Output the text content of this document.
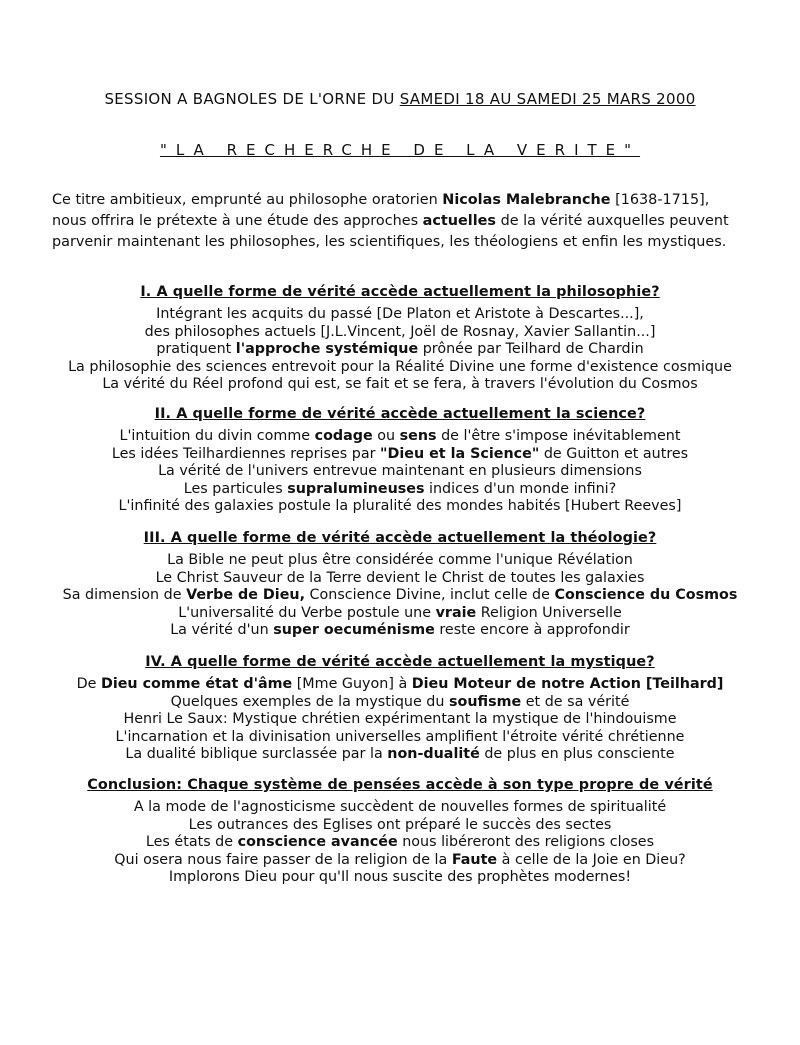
SESSION A BAGNOLES DE L'ORNE DU SAMEDI 18 AU SAMEDI 25 MARS 2000
"LA RECHERCHE DE LA VERITE"
Ce titre ambitieux, emprunté au philosophe oratorien Nicolas Malebranche [1638-1715],
nous offrira le prétexte à une étude des approches actuelles de la vérité auxquelles peuvent
parvenir maintenant les philosophes, les scientifiques, les théologiens et enfin les mystiques.
I. A quelle forme de vérité accède actuellement la philosophie?
Intégrant les acquits du passé [De Platon et Aristote à Descartes...],
des philosophes actuels [J.L.Vincent, Joël de Rosnay, Xavier Sallantin...]
pratiquent l'approche systémique prônée par Teilhard de Chardin
La philosophie des sciences entrevoit pour la Réalité Divine une forme d'existence cosmique
La vérité du Réel profond qui est, se fait et se fera, à travers l'évolution du Cosmos
II. A quelle forme de vérité accède actuellement la science?
L'intuition du divin comme codage ou sens de l'être s'impose inévitablement
Les idées Teilhardiennes reprises par "Dieu et la Science" de Guitton et autres
La vérité de l'univers entrevue maintenant en plusieurs dimensions
Les particules supralumineuses indices d'un monde infini?
L'infinité des galaxies postule la pluralité des mondes habités [Hubert Reeves]
III. A quelle forme de vérité accède actuellement la théologie?
La Bible ne peut plus être considérée comme l'unique Révélation
Le Christ Sauveur de la Terre devient le Christ de toutes les galaxies
Sa dimension de Verbe de Dieu, Conscience Divine, inclut celle de Conscience du Cosmos
L'universalité du Verbe postule une vraie Religion Universelle
La vérité d'un super oecuménisme reste encore à approfondir
IV. A quelle forme de vérité accède actuellement la mystique?
De Dieu comme état d'âme [Mme Guyon] à Dieu Moteur de notre Action [Teilhard]
Quelques exemples de la mystique du soufisme et de sa vérité
Henri Le Saux: Mystique chrétien expérimentant la mystique de l'hindouisme
L'incarnation et la divinisation universelles amplifient l'étroite vérité chrétienne
La dualité biblique surclassée par la non-dualité de plus en plus consciente
Conclusion: Chaque système de pensées accède à son type propre de vérité
A la mode de l'agnosticisme succèdent de nouvelles formes de spiritualité
Les outrances des Eglises ont préparé le succès des sectes
Les états de conscience avancée nous libéreront des religions closes
Qui osera nous faire passer de la religion de la Faute à celle de la Joie en Dieu?
Implorons Dieu pour qu'Il nous suscite des prophètes modernes!
